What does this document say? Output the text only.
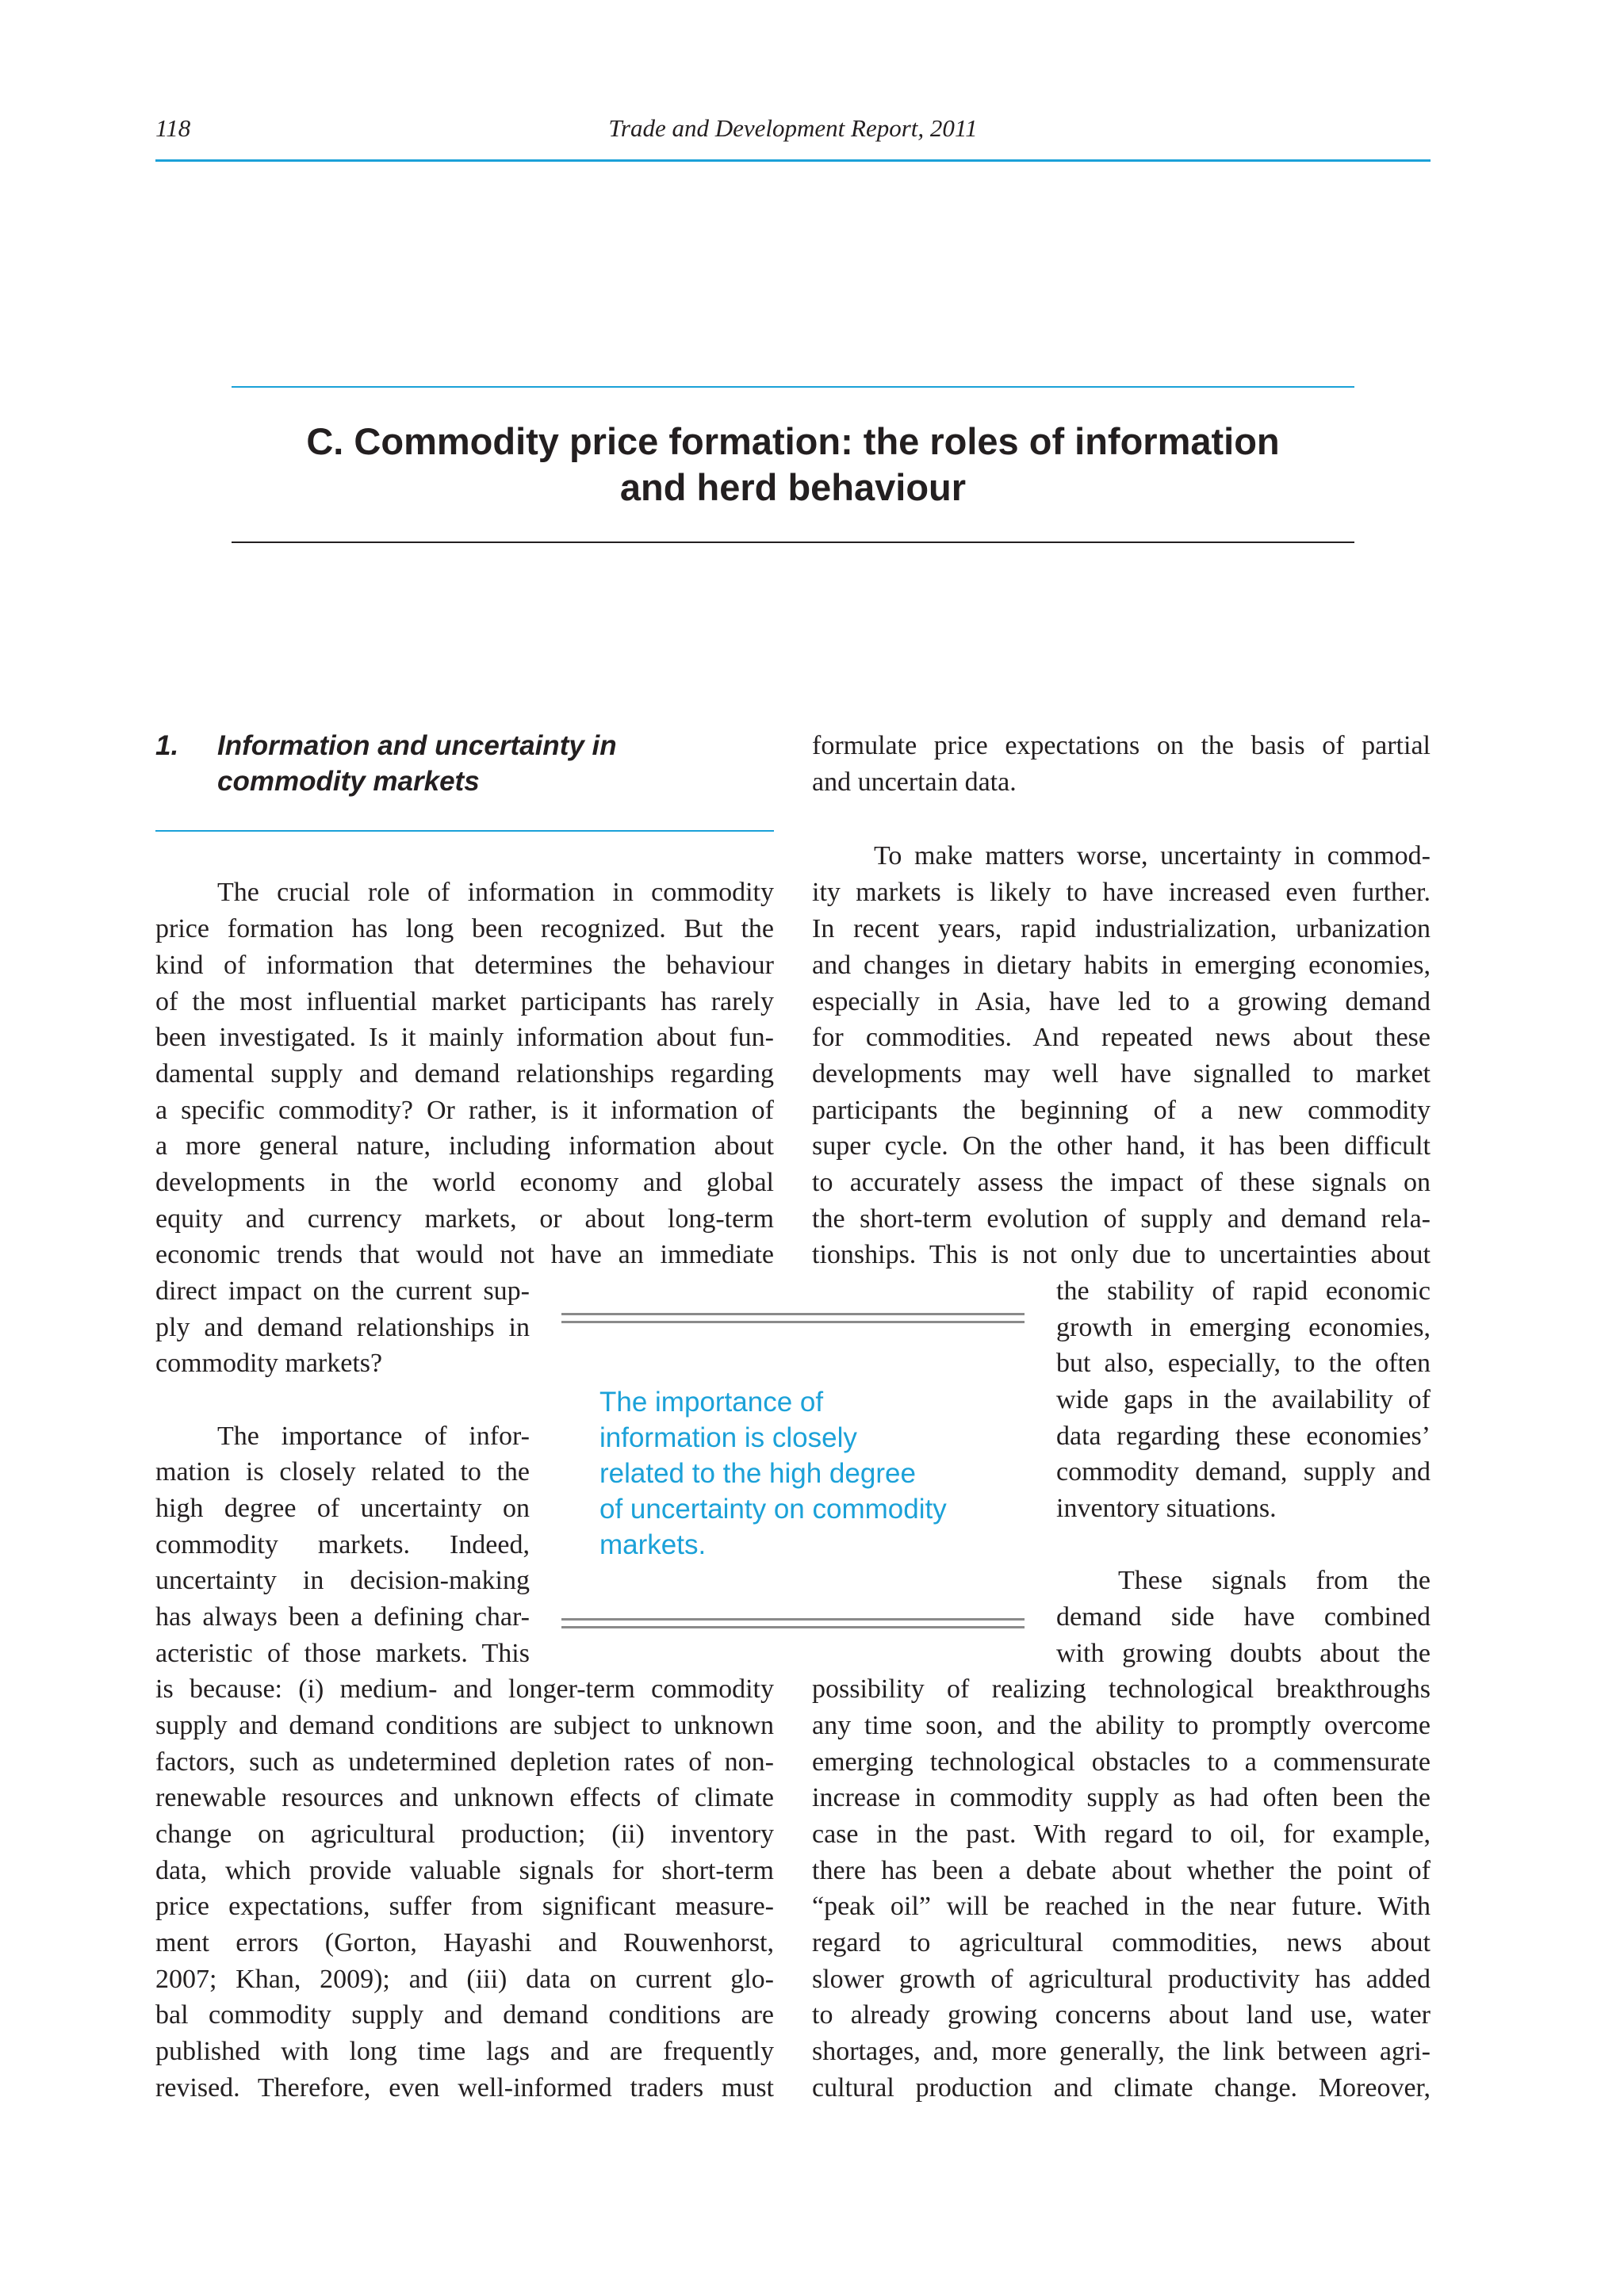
118	Trade and Development Report, 2011
C. Commodity price formation: the roles of information
and herd behaviour
1. Information and uncertainty in
commodity markets
The crucial role of information in commodity
price formation has long been recognized. But the
kind of information that determines the behaviour
of the most influential market participants has rarely
been investigated. Is it mainly information about fun-
damental supply and demand relationships regarding
a specific commodity? Or rather, is it information of
a more general nature, including information about
developments in the world economy and global
equity and currency markets, or about long-term
economic trends that would not have an immediate
direct impact on the current sup-
ply and demand relationships in
commodity markets?
The importance of infor-
mation is closely related to the
high degree of uncertainty on
commodity markets. Indeed,
uncertainty in decision-making
has always been a defining char-
acteristic of those markets. This
is because: (i) medium- and longer-term commodity
supply and demand conditions are subject to unknown
factors, such as undetermined depletion rates of non-
renewable resources and unknown effects of climate
change on agricultural production; (ii) inventory
data, which provide valuable signals for short-term
price expectations, suffer from significant measure-
ment errors (Gorton, Hayashi and Rouwenhorst,
2007; Khan, 2009); and (iii) data on current glo-
bal commodity supply and demand conditions are
published with long time lags and are frequently
revised. Therefore, even well-informed traders must
formulate price expectations on the basis of partial
and uncertain data.
To make matters worse, uncertainty in commod-
ity markets is likely to have increased even further.
In recent years, rapid industrialization, urbanization
and changes in dietary habits in emerging economies,
especially in Asia, have led to a growing demand
for commodities. And repeated news about these
developments may well have signalled to market
participants the beginning of a new commodity
super cycle. On the other hand, it has been difficult
to accurately assess the impact of these signals on
the short-term evolution of supply and demand rela-
tionships. This is not only due to uncertainties about
the stability of rapid economic
growth in emerging economies,
but also, especially, to the often
wide gaps in the availability of
data regarding these economies’
commodity demand, supply and
inventory situations.
These signals from the
demand side have combined
with growing doubts about the
possibility of realizing technological breakthroughs
any time soon, and the ability to promptly overcome
emerging technological obstacles to a commensurate
increase in commodity supply as had often been the
case in the past. With regard to oil, for example,
there has been a debate about whether the point of
“peak oil” will be reached in the near future. With
regard to agricultural commodities, news about
slower growth of agricultural productivity has added
to already growing concerns about land use, water
shortages, and, more generally, the link between agri-
cultural production and climate change. Moreover,
The importance of
information is closely
related to the high degree
of uncertainty on commodity
markets.
